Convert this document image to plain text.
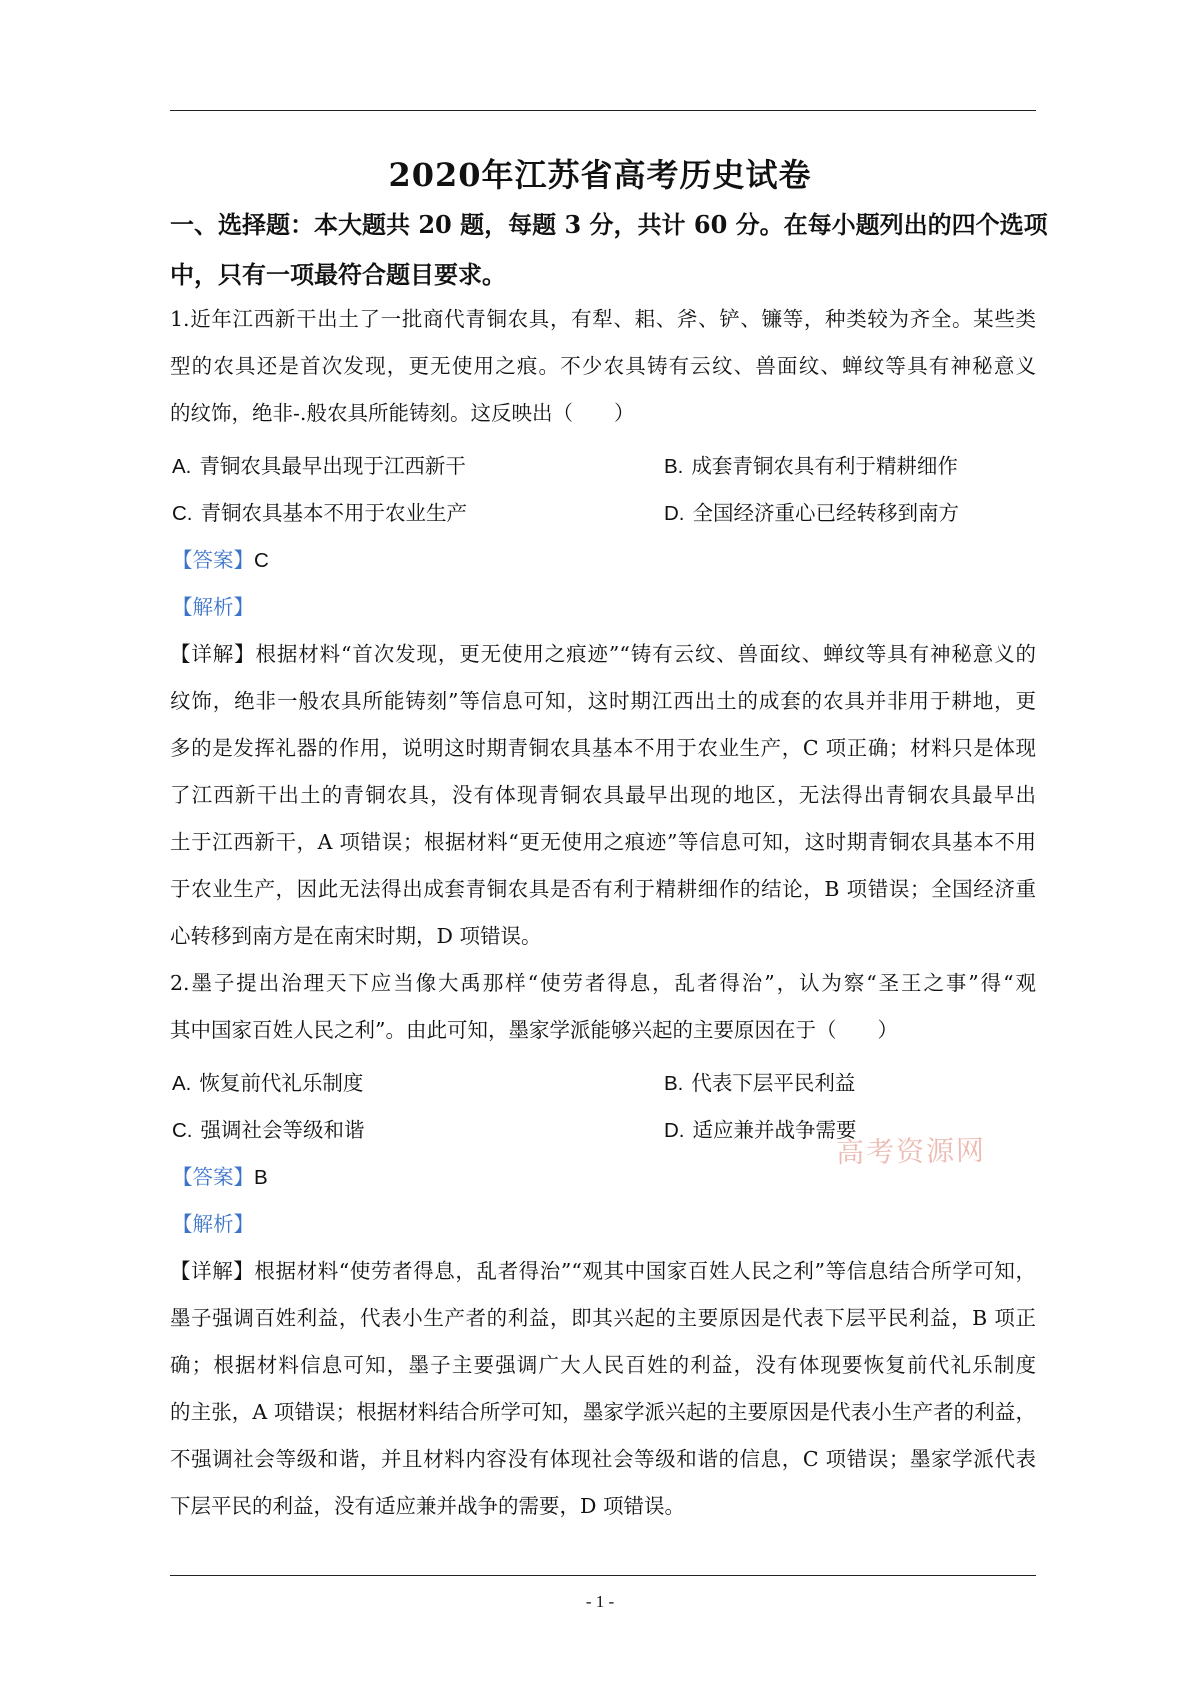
2020年江苏省高考历史试卷
一、选择题：本大题共 20 题，每题 3 分，共计 60 分。在每小题列出的四个选项
中，只有一项最符合题目要求。
1.近年江西新干出土了一批商代青铜农具，有犁、耜、斧、铲、镰等，种类较为齐全。某些类
型的农具还是首次发现，更无使用之痕。不少农具铸有云纹、兽面纹、蝉纹等具有神秘意义
的纹饰，绝非-.般农具所能铸刻。这反映出（　　）
A. 青铜农具最早出现于江西新干	B. 成套青铜农具有利于精耕细作
C. 青铜农具基本不用于农业生产	D. 全国经济重心已经转移到南方
【答案】C
【解析】
【详解】根据材料“首次发现，更无使用之痕迹”“铸有云纹、兽面纹、蝉纹等具有神秘意义的
纹饰，绝非一般农具所能铸刻”等信息可知，这时期江西出土的成套的农具并非用于耕地，更
多的是发挥礼器的作用，说明这时期青铜农具基本不用于农业生产，C 项正确；材料只是体现
了江西新干出土的青铜农具，没有体现青铜农具最早出现的地区，无法得出青铜农具最早出
土于江西新干，A 项错误；根据材料“更无使用之痕迹”等信息可知，这时期青铜农具基本不用
于农业生产，因此无法得出成套青铜农具是否有利于精耕细作的结论，B 项错误；全国经济重
心转移到南方是在南宋时期，D 项错误。
2.墨子提出治理天下应当像大禹那样“使劳者得息，乱者得治”，认为察“圣王之事”得“观
其中国家百姓人民之利”。由此可知，墨家学派能够兴起的主要原因在于（　　）
A. 恢复前代礼乐制度	B. 代表下层平民利益
C. 强调社会等级和谐	D. 适应兼并战争需要
高考资源网
【答案】B
【解析】
【详解】根据材料“使劳者得息，乱者得治”“观其中国家百姓人民之利”等信息结合所学可知，
墨子强调百姓利益，代表小生产者的利益，即其兴起的主要原因是代表下层平民利益，B 项正
确；根据材料信息可知，墨子主要强调广大人民百姓的利益，没有体现要恢复前代礼乐制度
的主张，A 项错误；根据材料结合所学可知，墨家学派兴起的主要原因是代表小生产者的利益，
不强调社会等级和谐，并且材料内容没有体现社会等级和谐的信息，C 项错误；墨家学派代表
下层平民的利益，没有适应兼并战争的需要，D 项错误。
- 1 -
